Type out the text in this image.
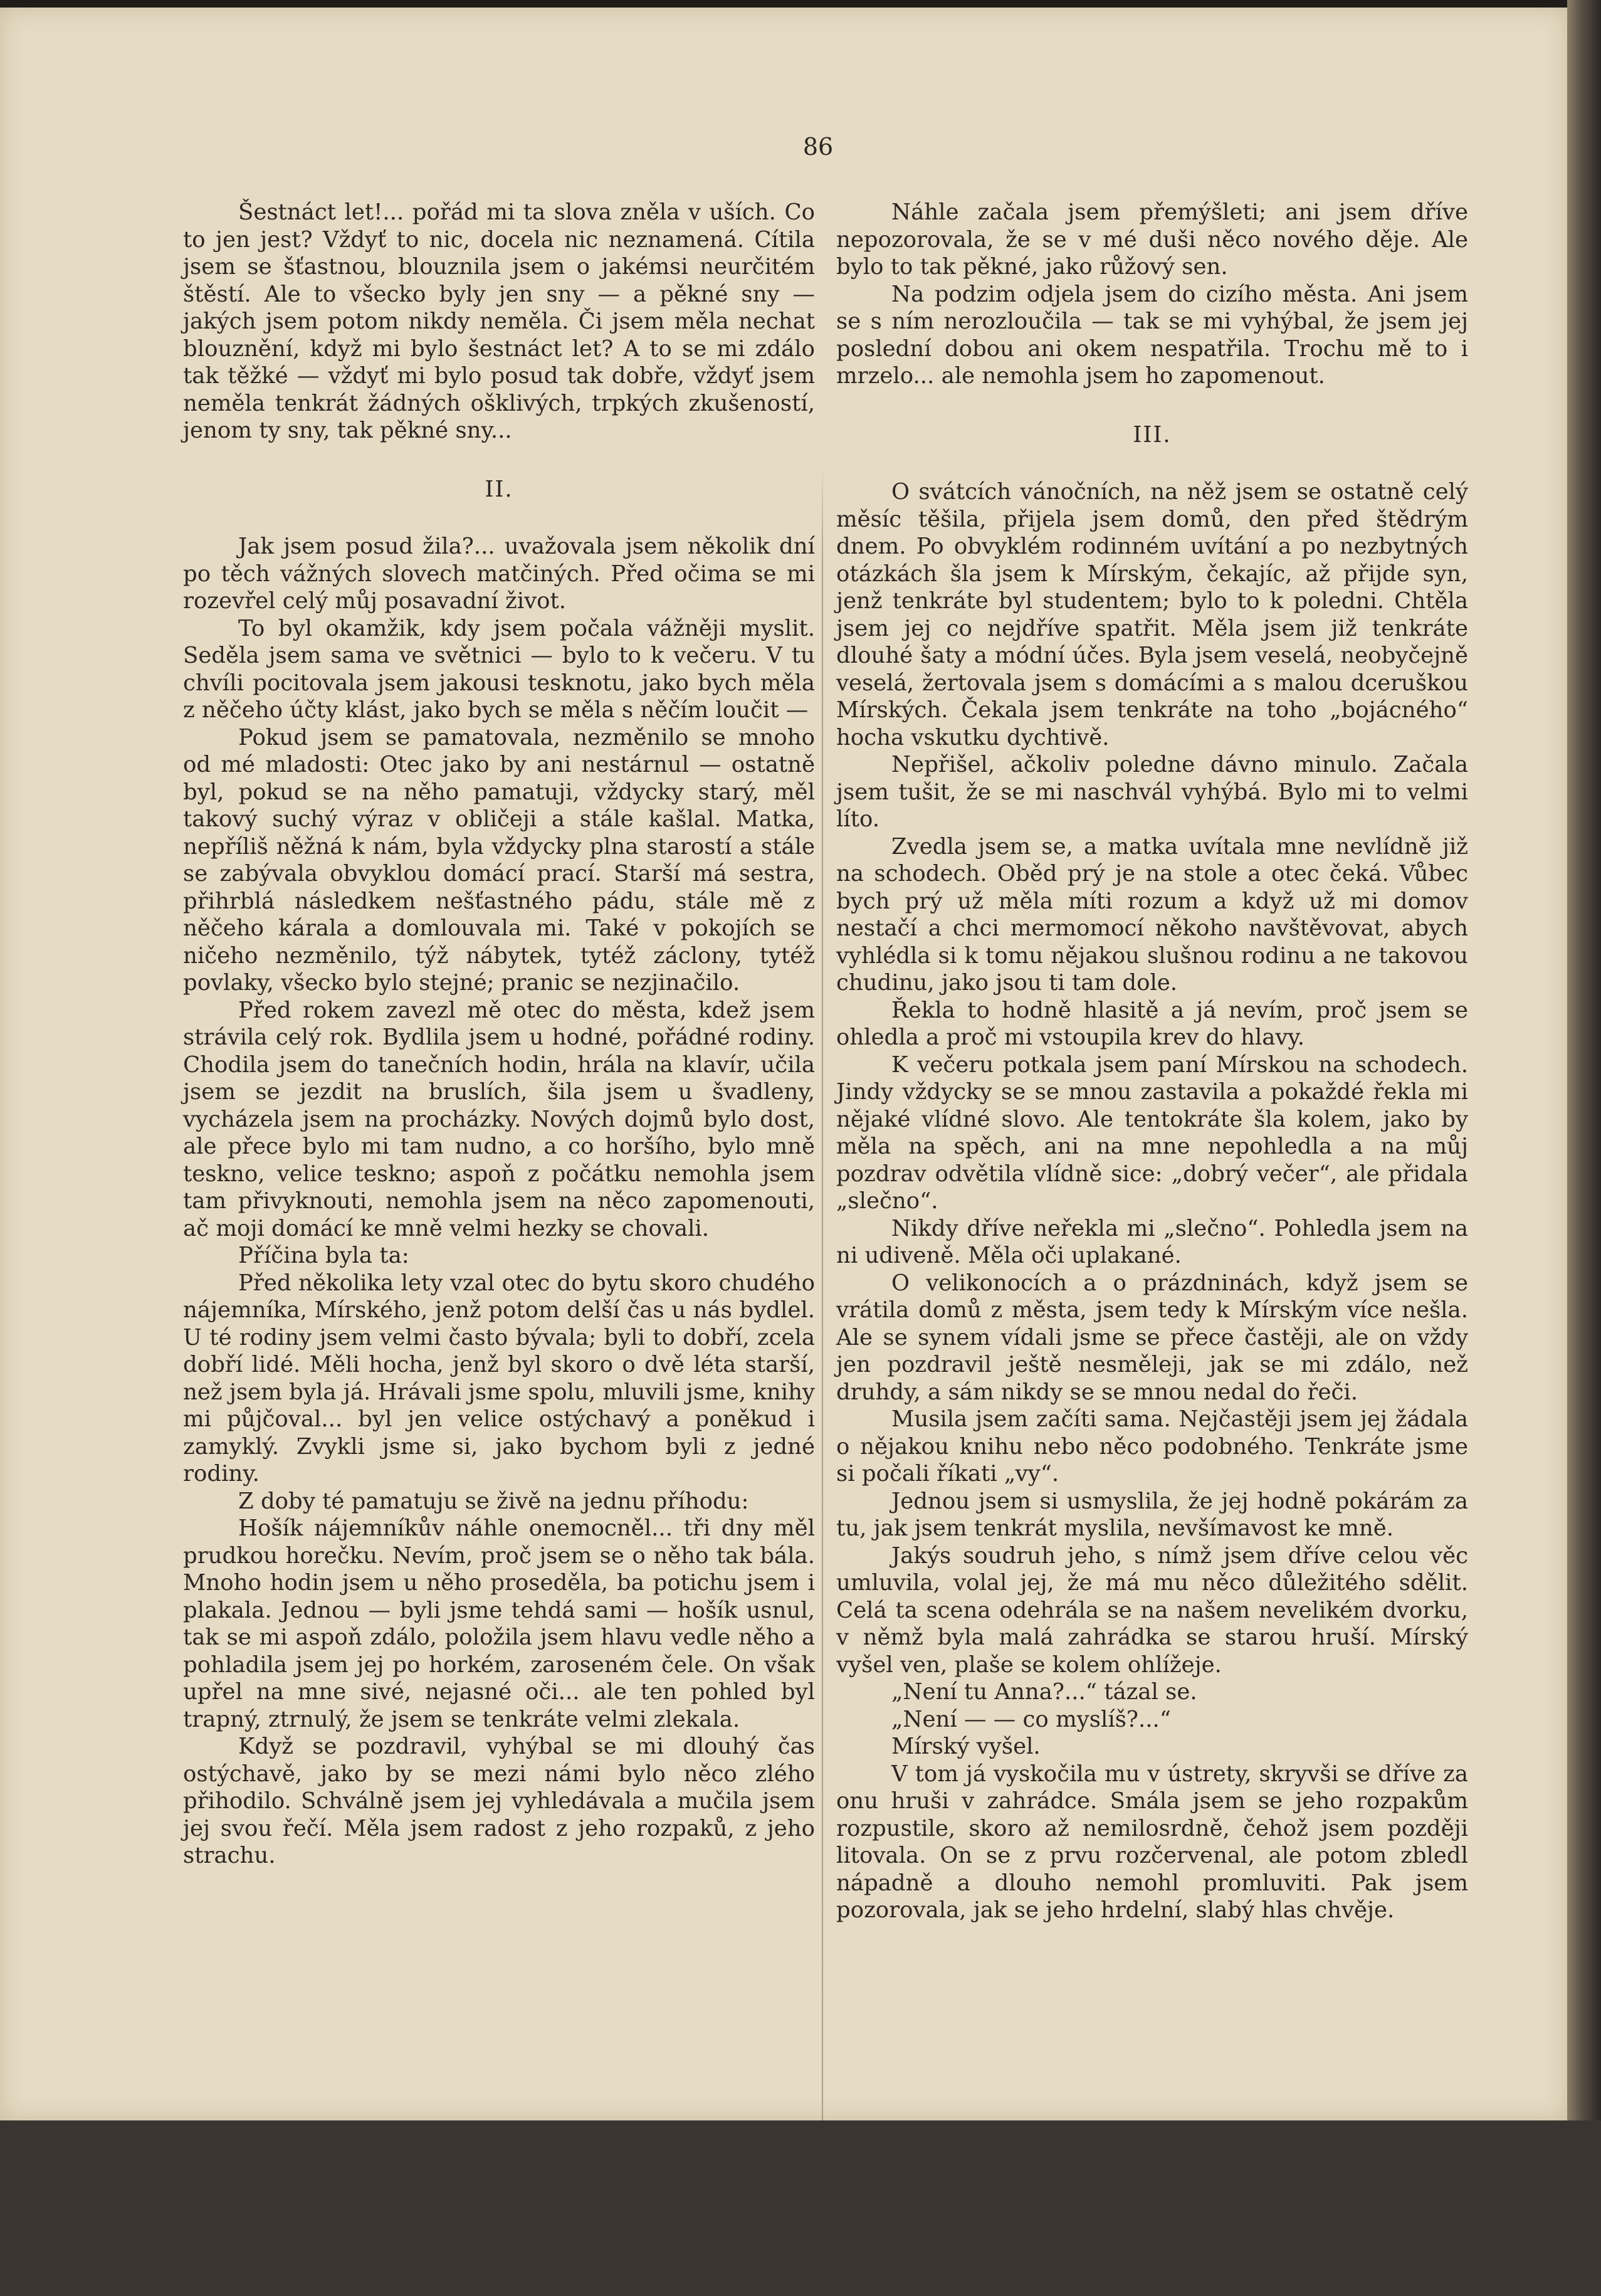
86

Šestnáct let!... pořád mi ta slova zněla v uších. Co to jen jest? Vždyť to nic, docela nic neznamená. Cítila jsem se šťastnou, blouznila jsem o jakémsi neurčitém štěstí. Ale to všecko byly jen sny — a pěkné sny — jakých jsem potom nikdy neměla. Či jsem měla nechat blouznění, když mi bylo šestnáct let? A to se mi zdálo tak těžké — vždyť mi bylo posud tak dobře, vždyť jsem neměla tenkrát žádných ošklivých, trpkých zkušeností, jenom ty sny, tak pěkné sny...

II.

Jak jsem posud žila?... uvažovala jsem několik dní po těch vážných slovech matčiných. Před očima se mi rozevřel celý můj posavadní život.

To byl okamžik, kdy jsem počala vážněji myslit. Seděla jsem sama ve světnici — bylo to k večeru. V tu chvíli pocitovala jsem jakousi tesknotu, jako bych měla z něčeho účty klást, jako bych se měla s něčím loučit —

Pokud jsem se pamatovala, nezměnilo se mnoho od mé mladosti: Otec jako by ani nestárnul — ostatně byl, pokud se na něho pamatuji, vždycky starý, měl takový suchý výraz v obličeji a stále kašlal. Matka, nepříliš něžná k nám, byla vždycky plna starostí a stále se zabývala obvyklou domácí prací. Starší má sestra, přihrblá následkem nešťastného pádu, stále mě z něčeho kárala a domlouvala mi. Také v pokojích se ničeho nezměnilo, týž nábytek, tytéž záclony, tytéž povlaky, všecko bylo stejné; pranic se nezjinačilo.

Před rokem zavezl mě otec do města, kdež jsem strávila celý rok. Bydlila jsem u hodné, pořádné rodiny. Chodila jsem do tanečních hodin, hrála na klavír, učila jsem se jezdit na bruslích, šila jsem u švadleny, vycházela jsem na procházky. Nových dojmů bylo dost, ale přece bylo mi tam nudno, a co horšího, bylo mně teskno, velice teskno; aspoň z počátku nemohla jsem tam přivyknouti, nemohla jsem na něco zapomenouti, ač moji domácí ke mně velmi hezky se chovali.

Příčina byla ta:

Před několika lety vzal otec do bytu skoro chudého nájemníka, Mírského, jenž potom delší čas u nás bydlel. U té rodiny jsem velmi často bývala; byli to dobří, zcela dobří lidé. Měli hocha, jenž byl skoro o dvě léta starší, než jsem byla já. Hrávali jsme spolu, mluvili jsme, knihy mi půjčoval... byl jen velice ostýchavý a poněkud i zamyklý. Zvykli jsme si, jako bychom byli z jedné rodiny.

Z doby té pamatuju se živě na jednu příhodu:

Hošík nájemníkův náhle onemocněl... tři dny měl prudkou horečku. Nevím, proč jsem se o něho tak bála. Mnoho hodin jsem u něho proseděla, ba potichu jsem i plakala. Jednou — byli jsme tehdá sami — hošík usnul, tak se mi aspoň zdálo, položila jsem hlavu vedle něho a pohladila jsem jej po horkém, zaroseném čele. On však upřel na mne sivé, nejasné oči... ale ten pohled byl trapný, ztrnulý, že jsem se tenkráte velmi zlekala.

Když se pozdravil, vyhýbal se mi dlouhý čas ostýchavě, jako by se mezi námi bylo něco zlého přihodilo. Schválně jsem jej vyhledávala a mučila jsem jej svou řečí. Měla jsem radost z jeho rozpaků, z jeho strachu.

Náhle začala jsem přemýšleti; ani jsem dříve nepozorovala, že se v mé duši něco nového děje. Ale bylo to tak pěkné, jako růžový sen.

Na podzim odjela jsem do cizího města. Ani jsem se s ním nerozloučila — tak se mi vyhýbal, že jsem jej poslední dobou ani okem nespatřila. Trochu mě to i mrzelo... ale nemohla jsem ho zapomenout.

III.

O svátcích vánočních, na něž jsem se ostatně celý měsíc těšila, přijela jsem domů, den před štědrým dnem. Po obvyklém rodinném uvítání a po nezbytných otázkách šla jsem k Mírským, čekajíc, až přijde syn, jenž tenkráte byl studentem; bylo to k poledni. Chtěla jsem jej co nejdříve spatřit. Měla jsem již tenkráte dlouhé šaty a módní účes. Byla jsem veselá, neobyčejně veselá, žertovala jsem s domácími a s malou dceruškou Mírských. Čekala jsem tenkráte na toho „bojácného“ hocha vskutku dychtivě.

Nepřišel, ačkoliv poledne dávno minulo. Začala jsem tušit, že se mi naschvál vyhýbá. Bylo mi to velmi líto.

Zvedla jsem se, a matka uvítala mne nevlídně již na schodech. Oběd prý je na stole a otec čeká. Vůbec bych prý už měla míti rozum a když už mi domov nestačí a chci mermomocí někoho navštěvovat, abych vyhlédla si k tomu nějakou slušnou rodinu a ne takovou chudinu, jako jsou ti tam dole.

Řekla to hodně hlasitě a já nevím, proč jsem se ohledla a proč mi vstoupila krev do hlavy.

K večeru potkala jsem paní Mírskou na schodech. Jindy vždycky se se mnou zastavila a pokaždé řekla mi nějaké vlídné slovo. Ale tentokráte šla kolem, jako by měla na spěch, ani na mne nepohledla a na můj pozdrav odvětila vlídně sice: „dobrý večer“, ale přidala „slečno“.

Nikdy dříve neřekla mi „slečno“. Pohledla jsem na ni udiveně. Měla oči uplakané.

O velikonocích a o prázdninách, když jsem se vrátila domů z města, jsem tedy k Mírským více nešla. Ale se synem vídali jsme se přece častěji, ale on vždy jen pozdravil ještě nesměleji, jak se mi zdálo, než druhdy, a sám nikdy se se mnou nedal do řeči.

Musila jsem začíti sama. Nejčastěji jsem jej žádala o nějakou knihu nebo něco podobného. Tenkráte jsme si počali říkati „vy“.

Jednou jsem si usmyslila, že jej hodně pokárám za tu, jak jsem tenkrát myslila, nevšímavost ke mně.

Jakýs soudruh jeho, s nímž jsem dříve celou věc umluvila, volal jej, že má mu něco důležitého sdělit. Celá ta scena odehrála se na našem nevelikém dvorku, v němž byla malá zahrádka se starou hruší. Mírský vyšel ven, plaše se kolem ohlížeje.

„Není tu Anna?...“ tázal se.

„Není — — co myslíš?...“

Mírský vyšel.

V tom já vyskočila mu v ústrety, skryvši se dříve za onu hruši v zahrádce. Smála jsem se jeho rozpakům rozpustile, skoro až nemilosrdně, čehož jsem později litovala. On se z prvu rozčervenal, ale potom zbledl nápadně a dlouho nemohl promluviti. Pak jsem pozorovala, jak se jeho hrdelní, slabý hlas chvěje.
